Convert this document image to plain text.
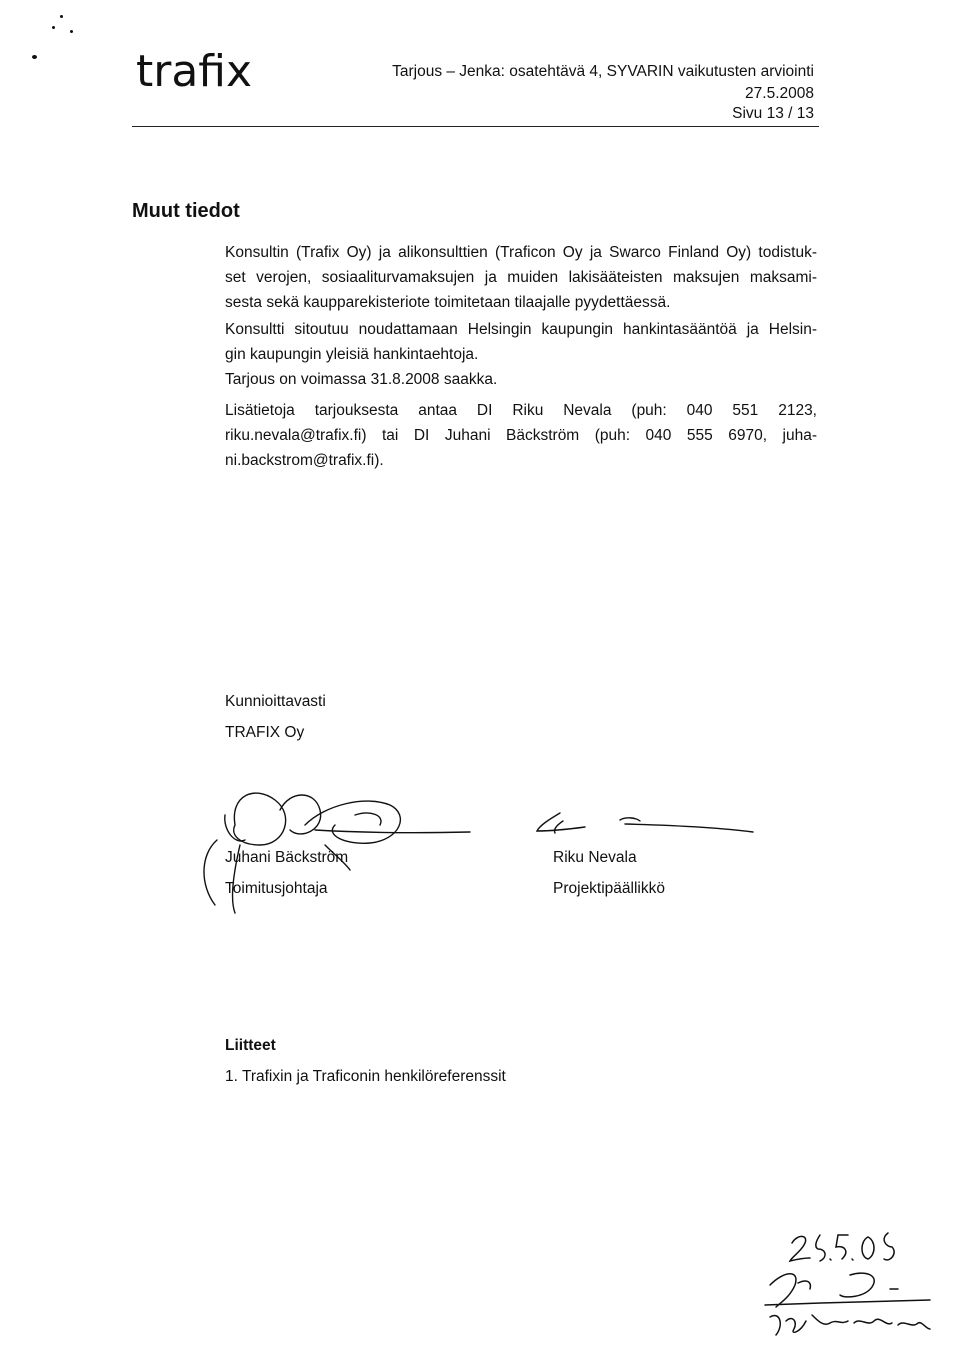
trafix	Tarjous – Jenka: osatehtävä 4, SYVARIN vaikutusten arviointi
27.5.2008
Sivu 13 / 13
Muut tiedot
Konsultin (Trafix Oy) ja alikonsulttien (Traficon Oy ja Swarco Finland Oy) todistuk-
set verojen, sosiaaliturvamaksujen ja muiden lakisääteisten maksujen maksami-
sesta sekä kaupparekisteriote toimitetaan tilaajalle pyydettäessä.
Konsultti sitoutuu noudattamaan Helsingin kaupungin hankintasääntöä ja Helsin-
gin kaupungin yleisiä hankintaehtoja.
Tarjous on voimassa 31.8.2008 saakka.
Lisätietoja tarjouksesta antaa DI Riku Nevala (puh: 040 551 2123,
riku.nevala@trafix.fi) tai DI Juhani Bäckström (puh: 040 555 6970, juha-
ni.backstrom@trafix.fi).
Kunnioittavasti
TRAFIX Oy
Juhani Bäckström
Toimitusjohtaja
Riku Nevala
Projektipäällikkö
Liitteet
1. Trafixin ja Traficonin henkilöreferenssit
